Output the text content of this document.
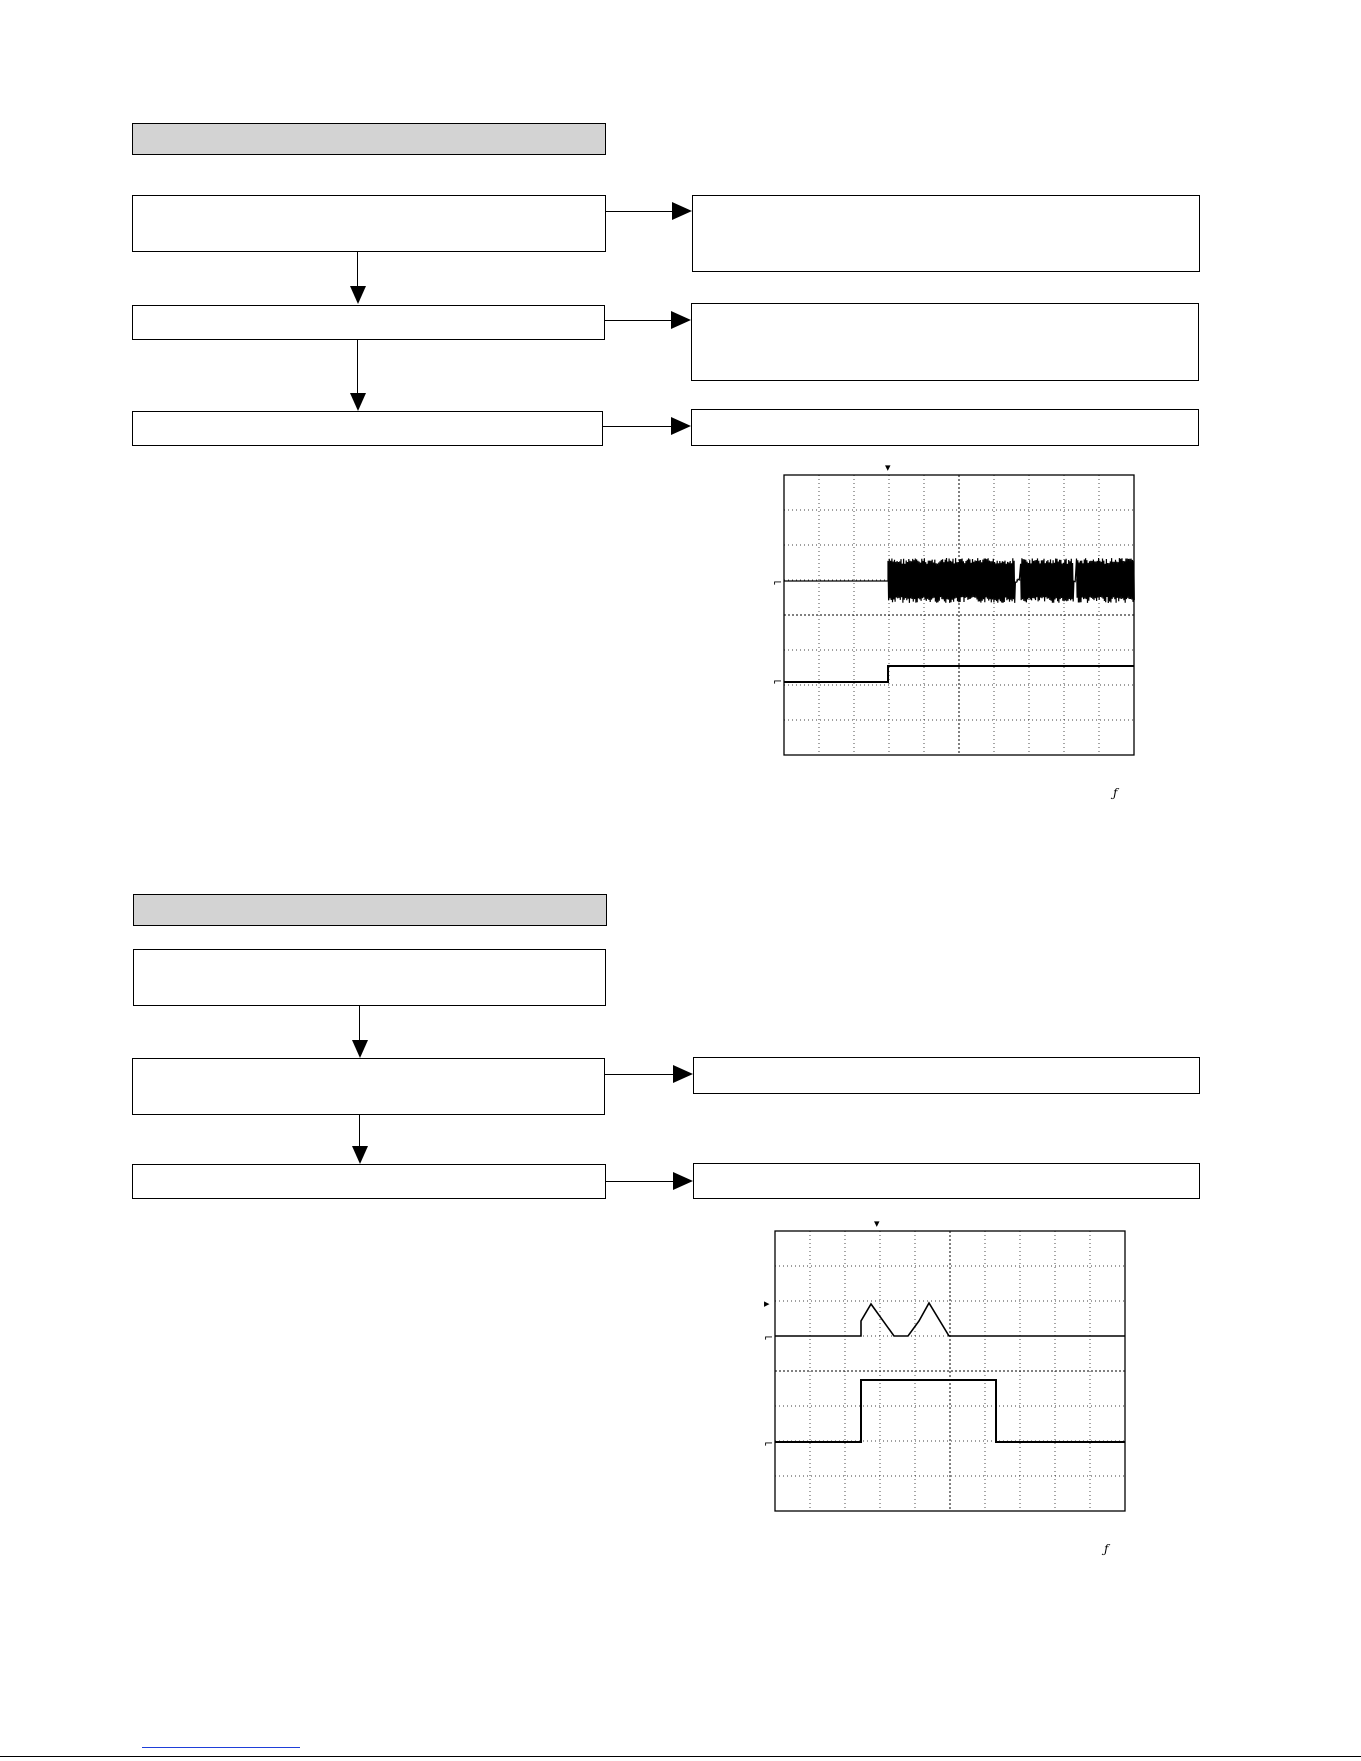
▾
⌐
⌐
ƒ
▾
▸
⌐
⌐
ƒ
